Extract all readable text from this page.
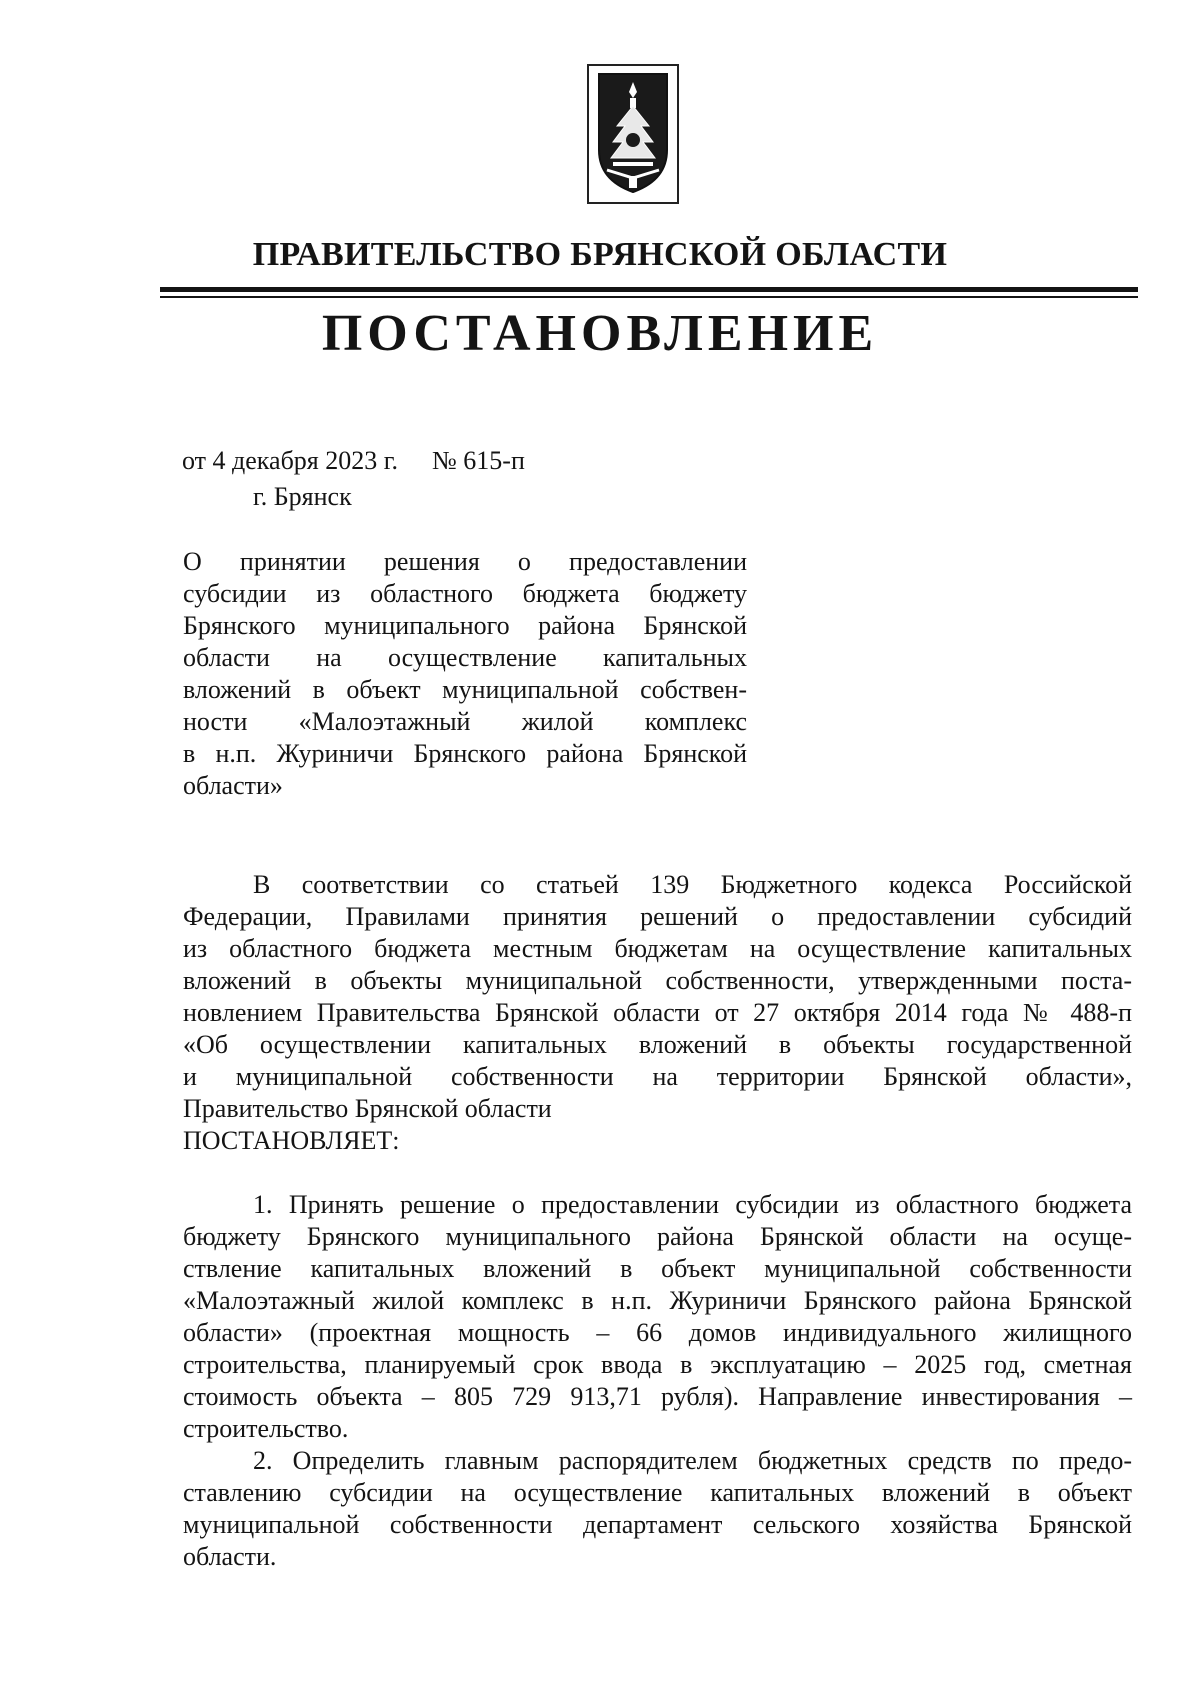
ПРАВИТЕЛЬСТВО БРЯНСКОЙ ОБЛАСТИ
ПОСТАНОВЛЕНИЕ
от 4 декабря 2023 г. № 615-п
г. Брянск
О принятии решения о предоставлении
субсидии из областного бюджета бюджету
Брянского муниципального района Брянской
области на осуществление капитальных
вложений в объект муниципальной собствен-
ности «Малоэтажный жилой комплекс
в н.п. Журиничи Брянского района Брянской
области»
В соответствии со статьей 139 Бюджетного кодекса Российской
Федерации, Правилами принятия решений о предоставлении субсидий
из областного бюджета местным бюджетам на осуществление капитальных
вложений в объекты муниципальной собственности, утвержденными поста-
новлением Правительства Брянской области от 27 октября 2014 года № 488-п
«Об осуществлении капитальных вложений в объекты государственной
и муниципальной собственности на территории Брянской области»,
Правительство Брянской области
ПОСТАНОВЛЯЕТ:
1. Принять решение о предоставлении субсидии из областного бюджета
бюджету Брянского муниципального района Брянской области на осуще-
ствление капитальных вложений в объект муниципальной собственности
«Малоэтажный жилой комплекс в н.п. Журиничи Брянского района Брянской
области» (проектная мощность – 66 домов индивидуального жилищного
строительства, планируемый срок ввода в эксплуатацию – 2025 год, сметная
стоимость объекта – 805 729 913,71 рубля). Направление инвестирования –
строительство.
2. Определить главным распорядителем бюджетных средств по предо-
ставлению субсидии на осуществление капитальных вложений в объект
муниципальной собственности департамент сельского хозяйства Брянской
области.
